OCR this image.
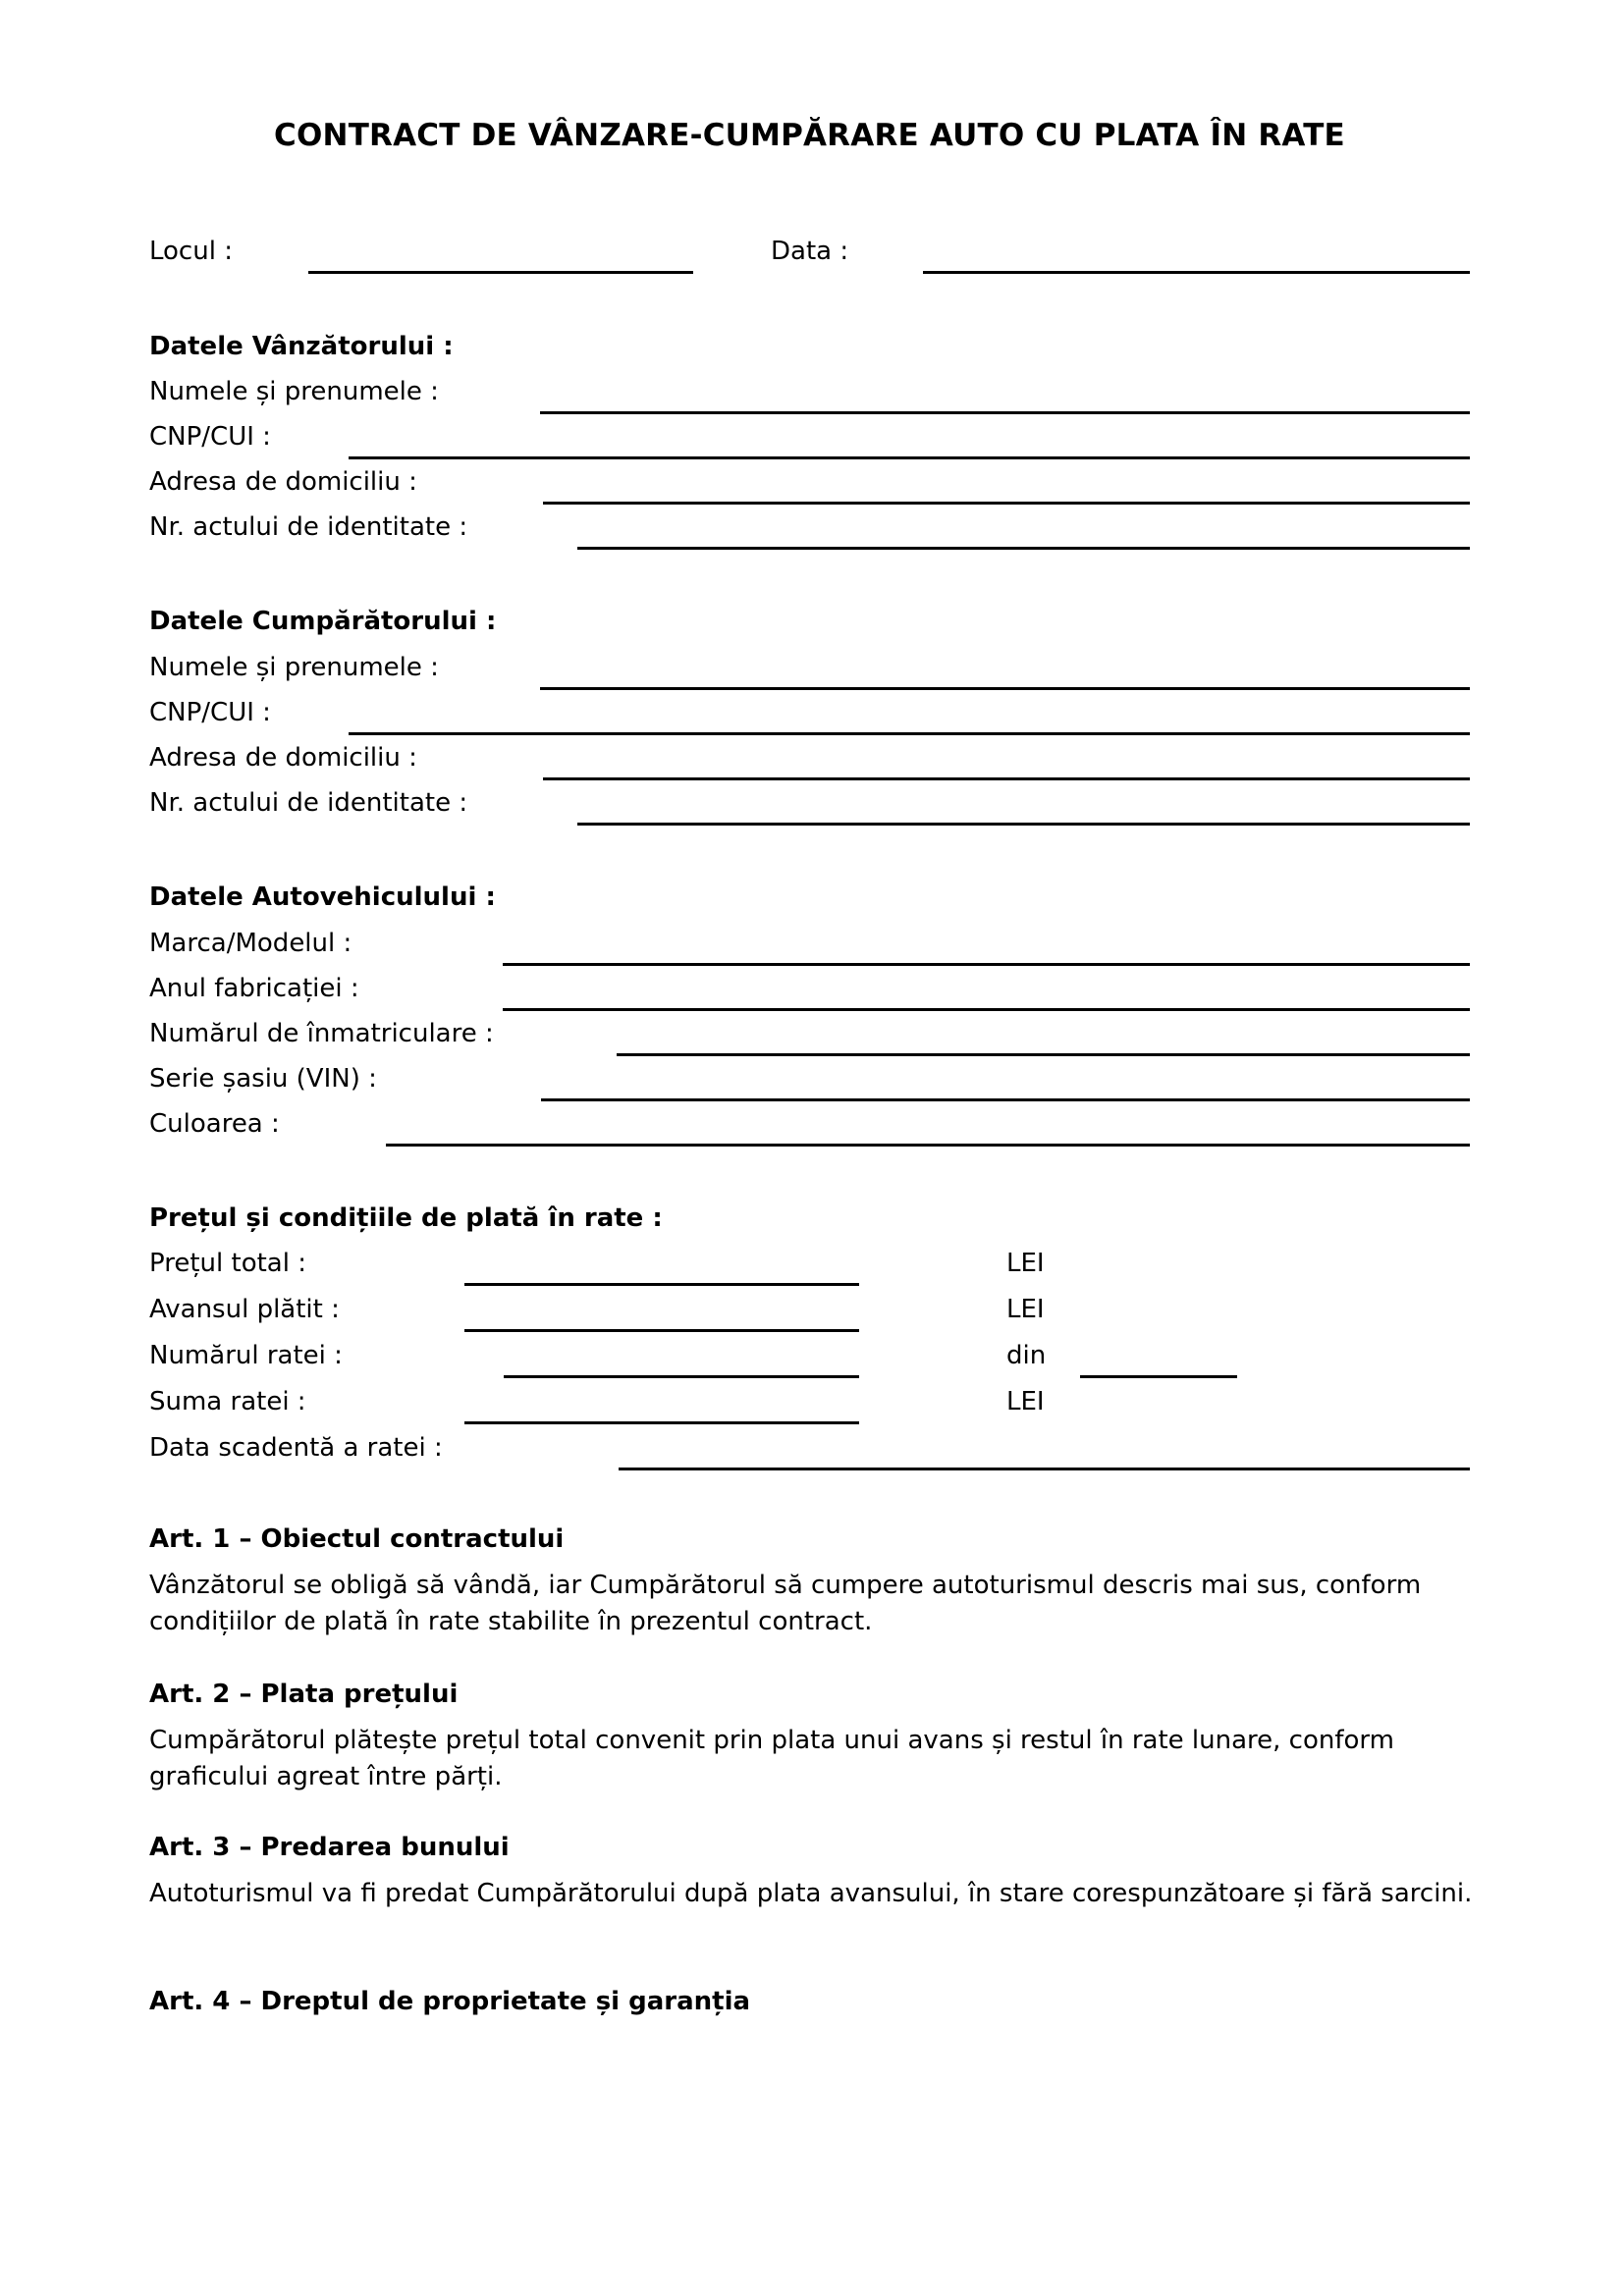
CONTRACT DE VÂNZARE-CUMPĂRARE AUTO CU PLATA ÎN RATE
Locul :	Data :
Datele Vânzătorului :
Numele și prenumele :
CNP/CUI :
Adresa de domiciliu :
Nr. actului de identitate :
Datele Cumpărătorului :
Numele și prenumele :
CNP/CUI :
Adresa de domiciliu :
Nr. actului de identitate :
Datele Autovehiculului :
Marca/Modelul :
Anul fabricației :
Numărul de înmatriculare :
Serie șasiu (VIN) :
Culoarea :
Prețul și condițiile de plată în rate :
Prețul total :	LEI
Avansul plătit :	LEI
Numărul ratei :	din
Suma ratei :	LEI
Data scadentă a ratei :
Art. 1 – Obiectul contractului
Vânzătorul se obligă să vândă, iar Cumpărătorul să cumpere autoturismul descris mai sus, conform condițiilor de plată în rate stabilite în prezentul contract.
Art. 2 – Plata prețului
Cumpărătorul plătește prețul total convenit prin plata unui avans și restul în rate lunare, conform graficului agreat între părți.
Art. 3 – Predarea bunului
Autoturismul va fi predat Cumpărătorului după plata avansului, în stare corespunzătoare și fără sarcini.
Art. 4 – Dreptul de proprietate și garanția
